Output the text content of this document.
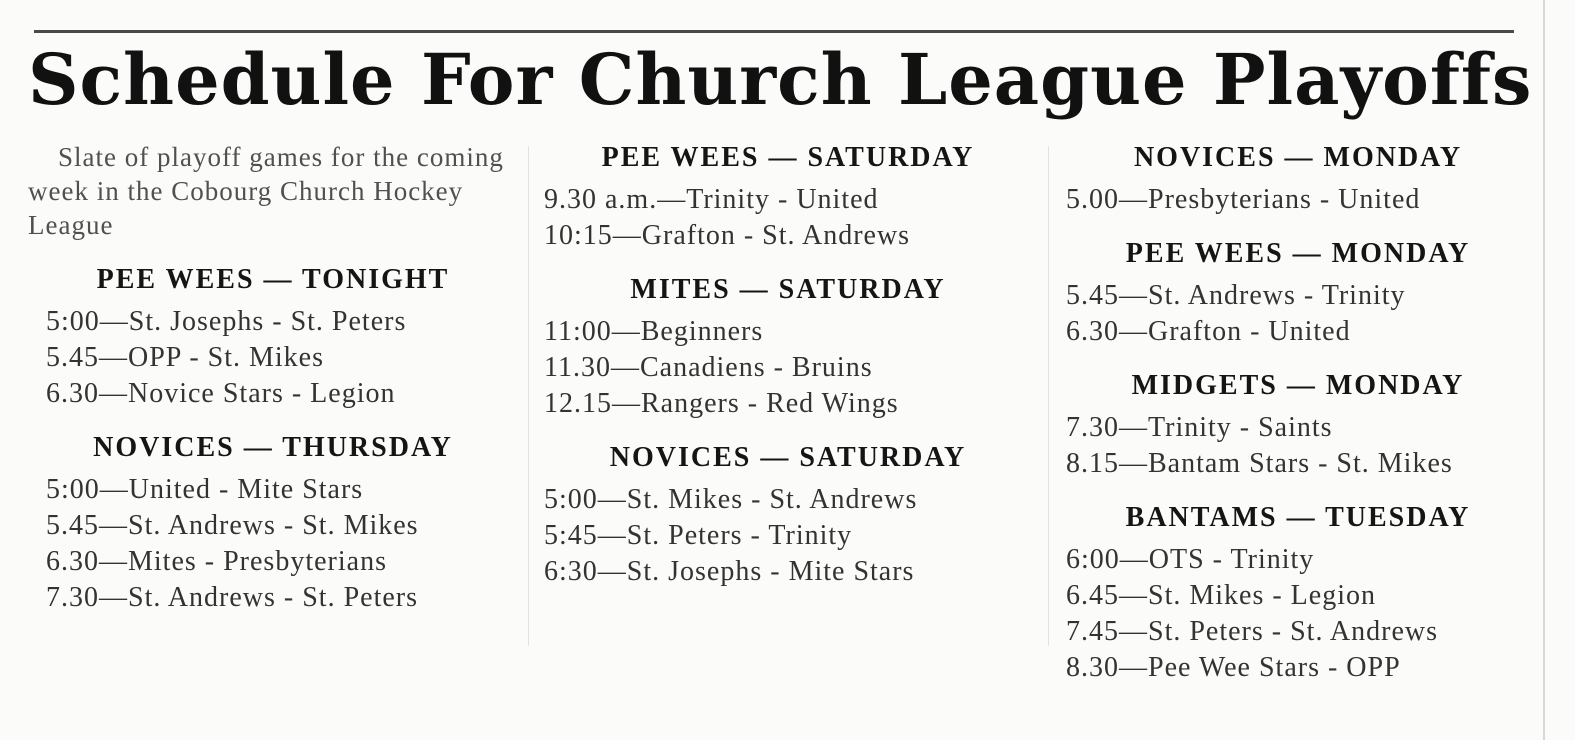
Schedule For Church League Playoffs

Slate of playoff games for the coming week in the Cobourg Church Hockey League

PEE WEES — TONIGHT
5:00—St. Josephs - St. Peters
5.45—OPP - St. Mikes
6.30—Novice Stars - Legion
NOVICES — THURSDAY
5:00—United - Mite Stars
5.45—St. Andrews - St. Mikes
6.30—Mites - Presbyterians
7.30—St. Andrews - St. Peters
PEE WEES — SATURDAY
9.30 a.m.—Trinity - United
10:15—Grafton - St. Andrews
MITES — SATURDAY
11:00—Beginners
11.30—Canadiens - Bruins
12.15—Rangers - Red Wings
NOVICES — SATURDAY
5:00—St. Mikes - St. Andrews
5:45—St. Peters - Trinity
6:30—St. Josephs - Mite Stars
NOVICES — MONDAY
5.00—Presbyterians - United
PEE WEES — MONDAY
5.45—St. Andrews - Trinity
6.30—Grafton - United
MIDGETS — MONDAY
7.30—Trinity - Saints
8.15—Bantam Stars - St. Mikes
BANTAMS — TUESDAY
6:00—OTS - Trinity
6.45—St. Mikes - Legion
7.45—St. Peters - St. Andrews
8.30—Pee Wee Stars - OPP
